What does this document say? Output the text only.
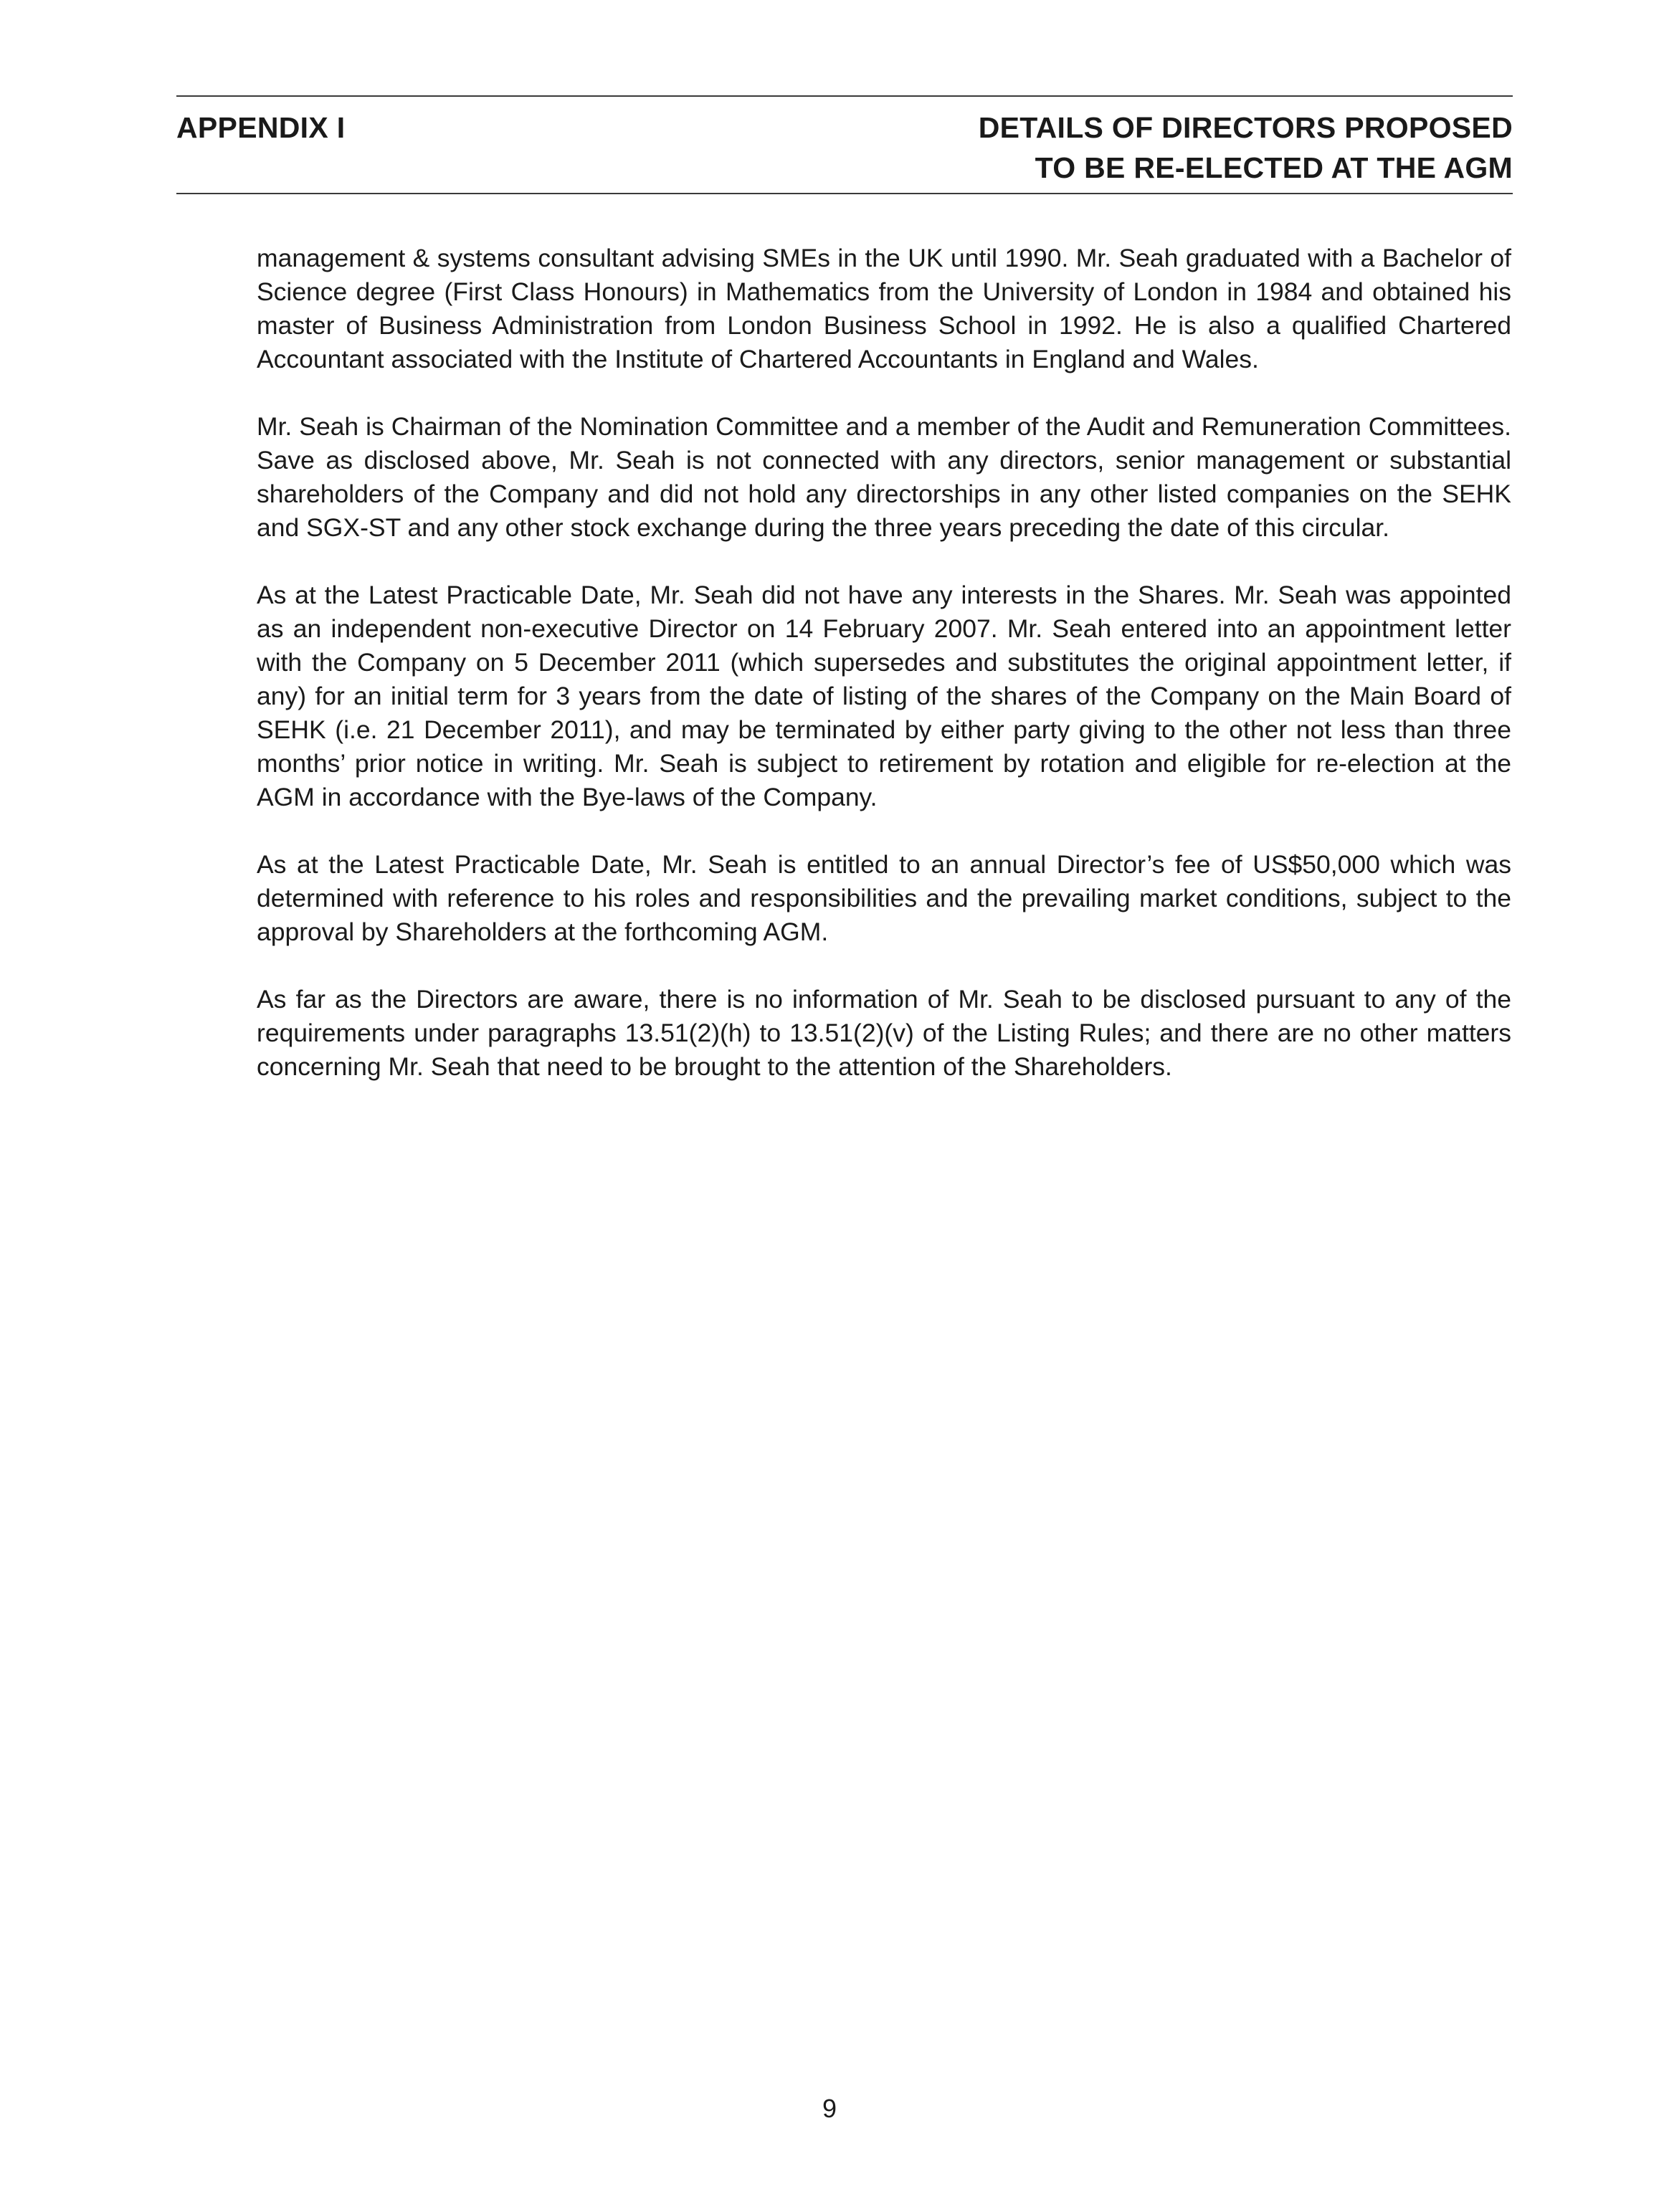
APPENDIX I	DETAILS OF DIRECTORS PROPOSED
TO BE RE-ELECTED AT THE AGM

management & systems consultant advising SMEs in the UK until 1990. Mr. Seah graduated with a Bachelor of Science degree (First Class Honours) in Mathematics from the University of London in 1984 and obtained his master of Business Administration from London Business School in 1992. He is also a qualified Chartered Accountant associated with the Institute of Chartered Accountants in England and Wales.

Mr. Seah is Chairman of the Nomination Committee and a member of the Audit and Remuneration Committees. Save as disclosed above, Mr. Seah is not connected with any directors, senior management or substantial shareholders of the Company and did not hold any directorships in any other listed companies on the SEHK and SGX-ST and any other stock exchange during the three years preceding the date of this circular.

As at the Latest Practicable Date, Mr. Seah did not have any interests in the Shares. Mr. Seah was appointed as an independent non-executive Director on 14 February 2007. Mr. Seah entered into an appointment letter with the Company on 5 December 2011 (which supersedes and substitutes the original appointment letter, if any) for an initial term for 3 years from the date of listing of the shares of the Company on the Main Board of SEHK (i.e. 21 December 2011), and may be terminated by either party giving to the other not less than three months’ prior notice in writing. Mr. Seah is subject to retirement by rotation and eligible for re-election at the AGM in accordance with the Bye-laws of the Company.

As at the Latest Practicable Date, Mr. Seah is entitled to an annual Director’s fee of US$50,000 which was determined with reference to his roles and responsibilities and the prevailing market conditions, subject to the approval by Shareholders at the forthcoming AGM.

As far as the Directors are aware, there is no information of Mr. Seah to be disclosed pursuant to any of the requirements under paragraphs 13.51(2)(h) to 13.51(2)(v) of the Listing Rules; and there are no other matters concerning Mr. Seah that need to be brought to the attention of the Shareholders.

9
